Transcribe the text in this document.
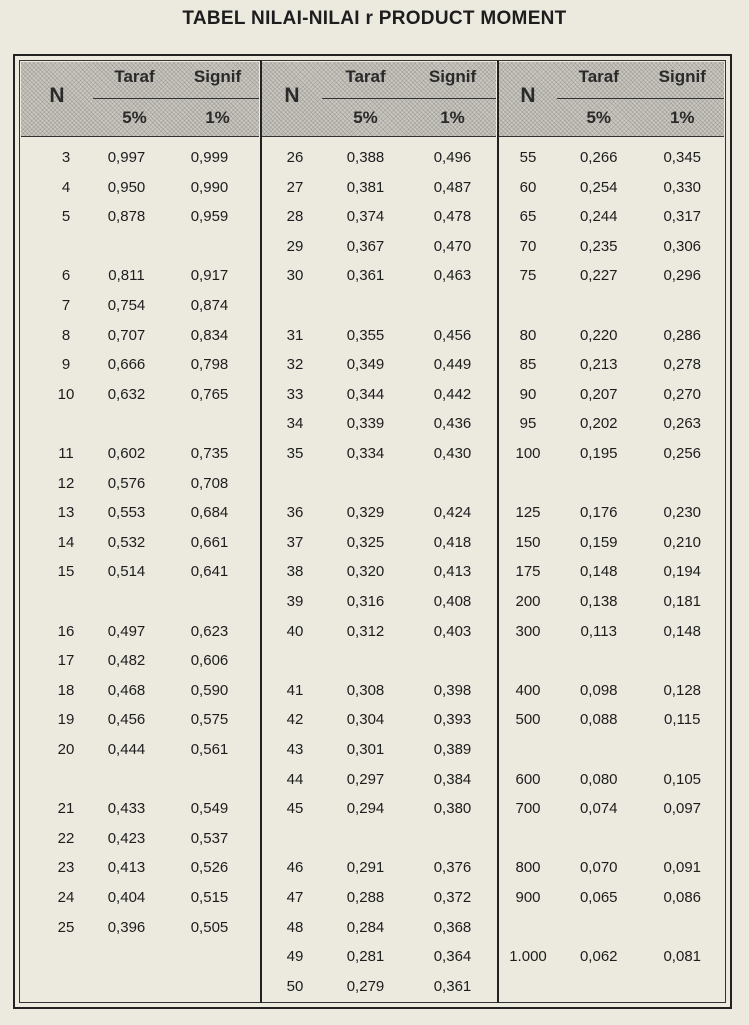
TABEL NILAI-NILAI r PRODUCT MOMENT
N
Taraf	Signif
5%	1%
3	0,997	0,999
4	0,950	0,990
5	0,878	0,959
6	0,811	0,917
7	0,754	0,874
8	0,707	0,834
9	0,666	0,798
10	0,632	0,765
11	0,602	0,735
12	0,576	0,708
13	0,553	0,684
14	0,532	0,661
15	0,514	0,641
16	0,497	0,623
17	0,482	0,606
18	0,468	0,590
19	0,456	0,575
20	0,444	0,561
21	0,433	0,549
22	0,423	0,537
23	0,413	0,526
24	0,404	0,515
25	0,396	0,505
N
Taraf	Signif
5%	1%
26	0,388	0,496
27	0,381	0,487
28	0,374	0,478
29	0,367	0,470
30	0,361	0,463
31	0,355	0,456
32	0,349	0,449
33	0,344	0,442
34	0,339	0,436
35	0,334	0,430
36	0,329	0,424
37	0,325	0,418
38	0,320	0,413
39	0,316	0,408
40	0,312	0,403
41	0,308	0,398
42	0,304	0,393
43	0,301	0,389
44	0,297	0,384
45	0,294	0,380
46	0,291	0,376
47	0,288	0,372
48	0,284	0,368
49	0,281	0,364
50	0,279	0,361
N
Taraf	Signif
5%	1%
55	0,266	0,345
60	0,254	0,330
65	0,244	0,317
70	0,235	0,306
75	0,227	0,296
80	0,220	0,286
85	0,213	0,278
90	0,207	0,270
95	0,202	0,263
100	0,195	0,256
125	0,176	0,230
150	0,159	0,210
175	0,148	0,194
200	0,138	0,181
300	0,113	0,148
400	0,098	0,128
500	0,088	0,115
600	0,080	0,105
700	0,074	0,097
800	0,070	0,091
900	0,065	0,086
1.000	0,062	0,081
